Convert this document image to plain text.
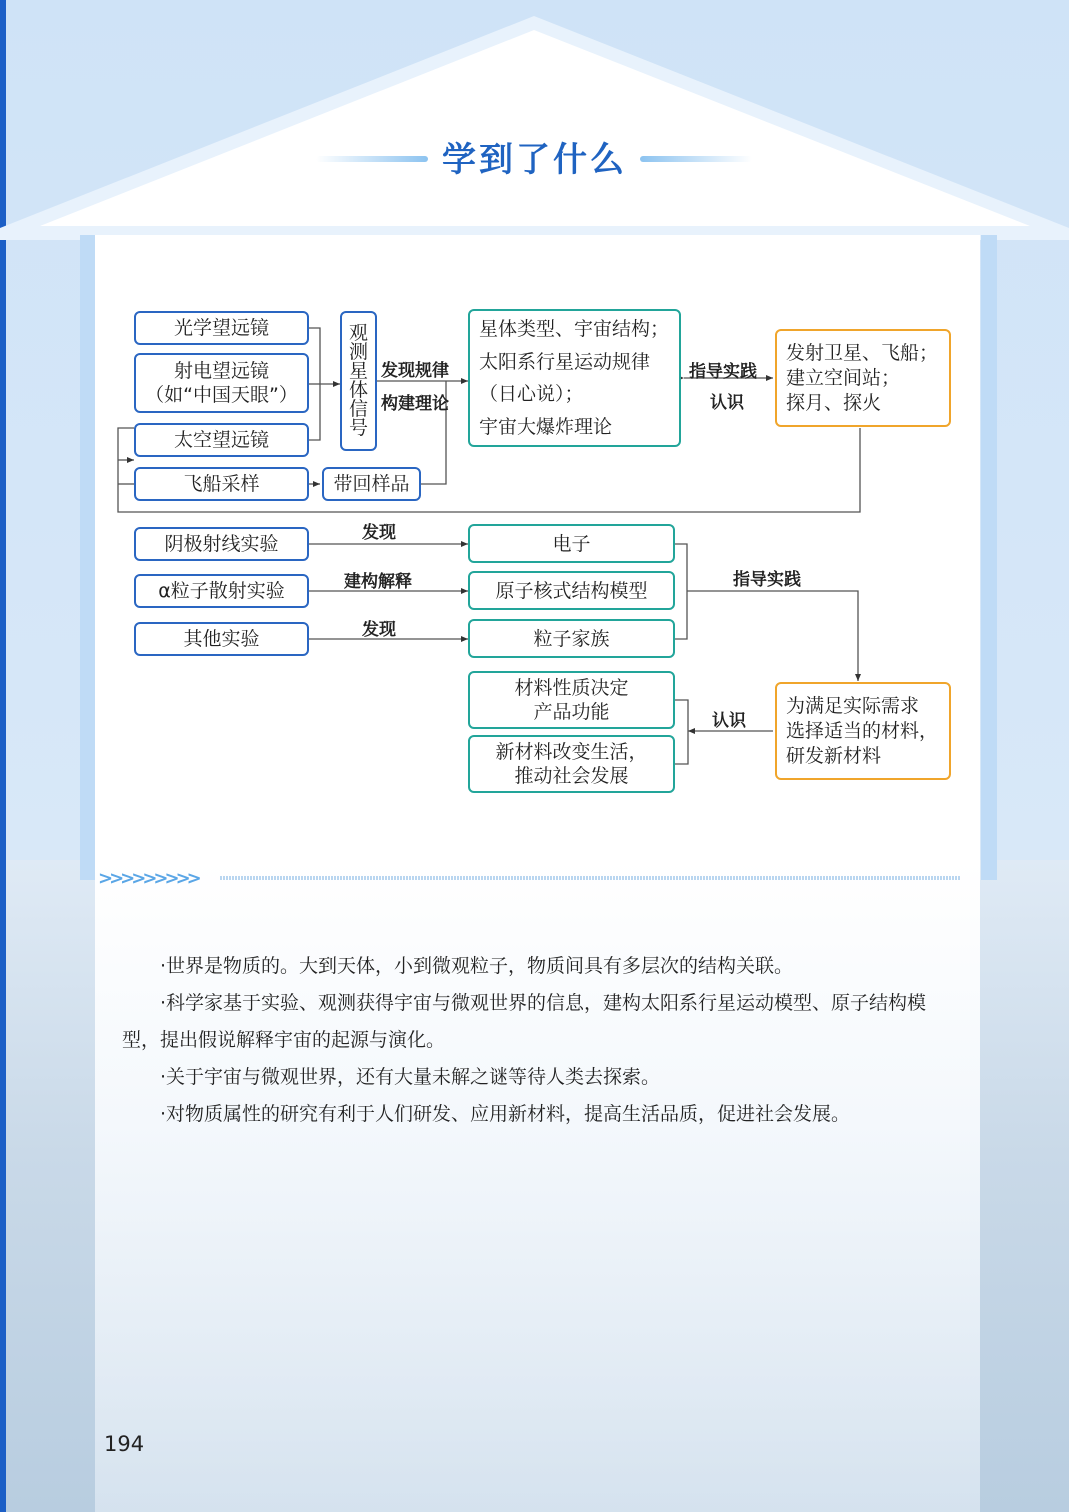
学到了什么
光学望远镜
射电望远镜
（如“中国天眼”）
太空望远镜
飞船采样
观测星体信号
带回样品
发现规律
构建理论
星体类型、宇宙结构；
太阳系行星运动规律
（日心说）；
宇宙大爆炸理论
指导实践
认识
发射卫星、飞船；
建立空间站；
探月、探火
阴极射线实验
α粒子散射实验
其他实验
发现
建构解释
发现
电子
原子核式结构模型
粒子家族
指导实践
为满足实际需求
选择适当的材料，
研发新材料
认识
材料性质决定
产品功能
新材料改变生活，
推动社会发展
>>>>>>>>>

·世界是物质的。大到天体，小到微观粒子，物质间具有多层次的结构关联。

·科学家基于实验、观测获得宇宙与微观世界的信息，建构太阳系行星运动模型、原子结构模型，提出假说解释宇宙的起源与演化。

·关于宇宙与微观世界，还有大量未解之谜等待人类去探索。

·对物质属性的研究有利于人们研发、应用新材料，提高生活品质，促进社会发展。

194
